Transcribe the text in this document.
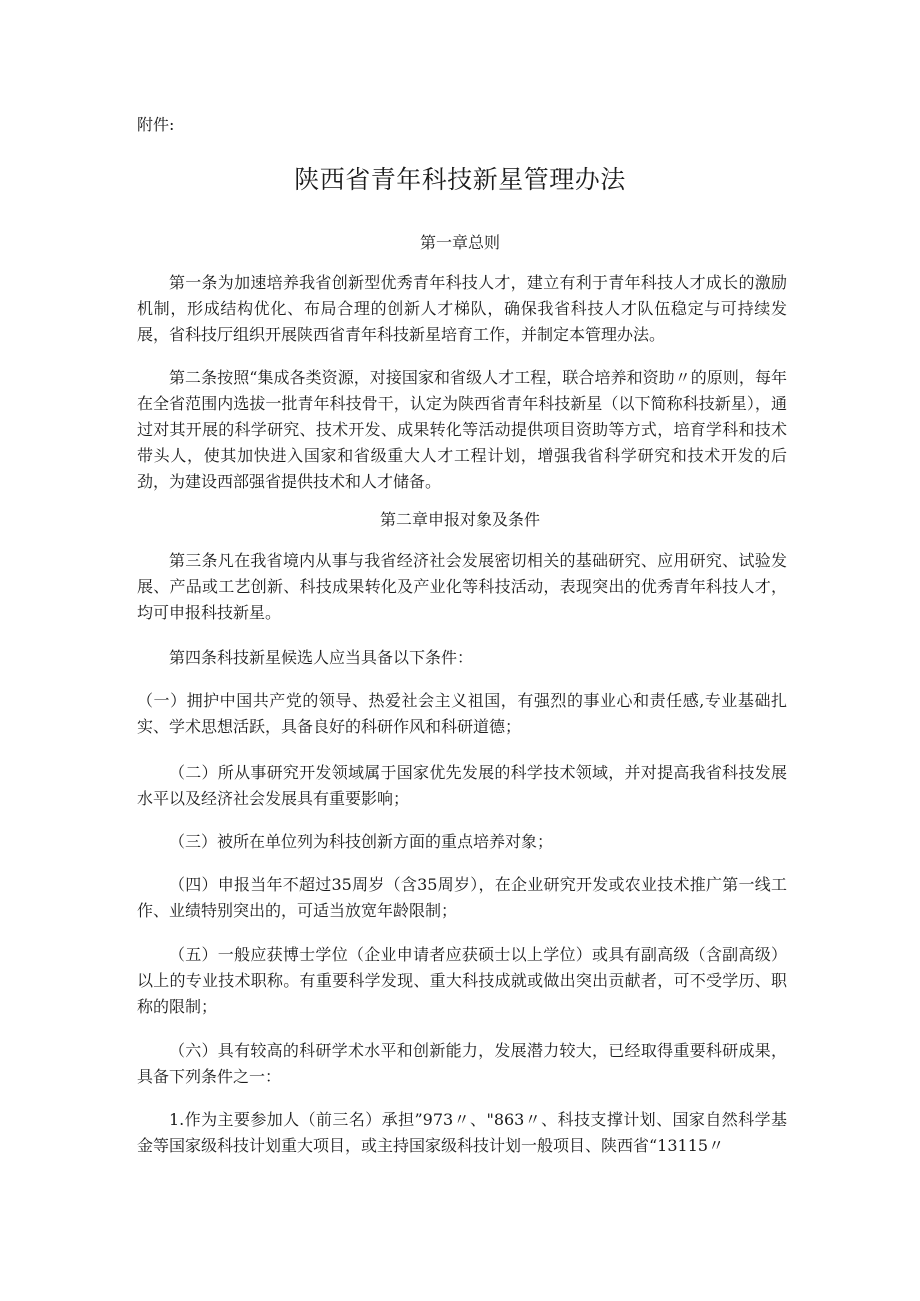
附件:
陕西省青年科技新星管理办法
第一章总则

第一条为加速培养我省创新型优秀青年科技人才，建立有利于青年科技人才成长的激励机制，形成结构优化、布局合理的创新人才梯队，确保我省科技人才队伍稳定与可持续发展，省科技厅组织开展陕西省青年科技新星培育工作，并制定本管理办法。

第二条按照“集成各类资源，对接国家和省级人才工程，联合培养和资助〃的原则，每年在全省范围内选拔一批青年科技骨干，认定为陕西省青年科技新星（以下简称科技新星），通过对其开展的科学研究、技术开发、成果转化等活动提供项目资助等方式，培育学科和技术带头人，使其加快进入国家和省级重大人才工程计划，增强我省科学研究和技术开发的后劲，为建设西部强省提供技术和人才储备。

第二章申报对象及条件

第三条凡在我省境内从事与我省经济社会发展密切相关的基础研究、应用研究、试验发展、产品或工艺创新、科技成果转化及产业化等科技活动，表现突出的优秀青年科技人才，均可申报科技新星。

第四条科技新星候选人应当具备以下条件：

（一）拥护中国共产党的领导、热爱社会主义祖国，有强烈的事业心和责任感,专业基础扎实、学术思想活跃，具备良好的科研作风和科研道德；

（二）所从事研究开发领域属于国家优先发展的科学技术领域，并对提高我省科技发展水平以及经济社会发展具有重要影响；

（三）被所在单位列为科技创新方面的重点培养对象；

（四）申报当年不超过35周岁（含35周岁），在企业研究开发或农业技术推广第一线工作、业绩特别突出的，可适当放宽年龄限制；

（五）一般应获博士学位（企业申请者应获硕士以上学位）或具有副高级（含副高级）以上的专业技术职称。有重要科学发现、重大科技成就或做出突出贡献者，可不受学历、职称的限制；

（六）具有较高的科研学术水平和创新能力，发展潜力较大，已经取得重要科研成果，具备下列条件之一：

1.作为主要参加人（前三名）承担”973〃、"863〃、科技支撑计划、国家自然科学基金等国家级科技计划重大项目，或主持国家级科技计划一般项目、陕西省“13115〃
